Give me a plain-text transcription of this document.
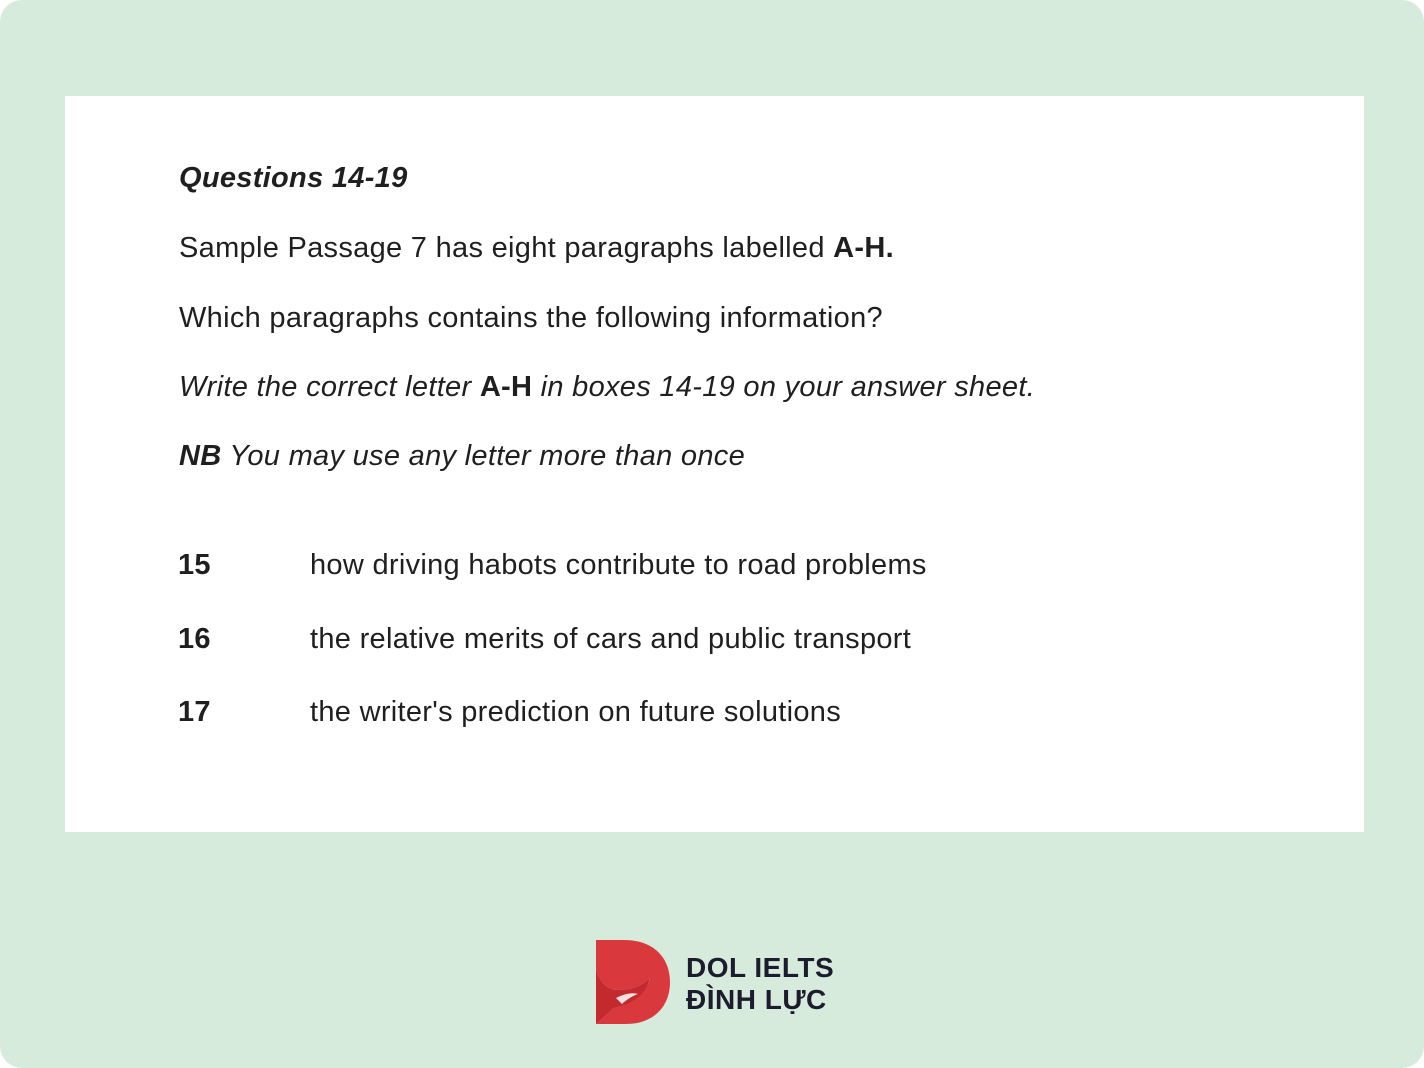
Questions 14-19
Sample Passage 7 has eight paragraphs labelled A-H.
Which paragraphs contains the following information?
Write the correct letter A-H in boxes 14-19 on your answer sheet.
NB You may use any letter more than once
15	how driving habots contribute to road problems
16	the relative merits of cars and public transport
17	the writer's prediction on future solutions
DOL IELTS
ĐÌNH LỰC
